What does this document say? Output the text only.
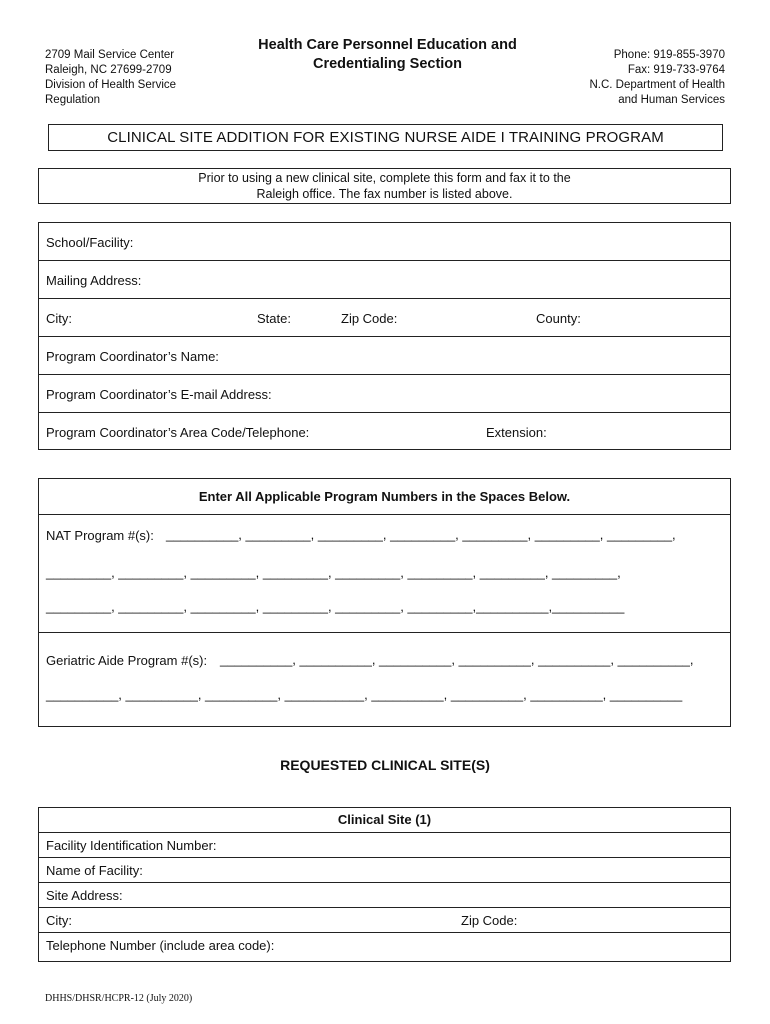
2709 Mail Service Center
Raleigh, NC 27699-2709
Division of Health Service
Regulation
Health Care Personnel Education and
Credentialing Section
Phone: 919-855-3970
Fax: 919-733-9764
N.C. Department of Health
and Human Services
CLINICAL SITE ADDITION FOR EXISTING NURSE AIDE I TRAINING PROGRAM
Prior to using a new clinical site, complete this form and fax it to the
Raleigh office. The fax number is listed above.
School/Facility:
Mailing Address:
City:	State:	Zip Code:	County:
Program Coordinator’s Name:
Program Coordinator’s E-mail Address:
Program Coordinator’s Area Code/Telephone:	Extension:
Enter All Applicable Program Numbers in the Spaces Below.
NAT Program #(s): __________, _________, _________, _________, _________, _________, _________,
_________, _________, _________, _________, _________, _________, _________, _________,
_________, _________, _________, _________, _________, _________,__________,__________
Geriatric Aide Program #(s): __________, __________, __________, __________, __________, __________,
__________, __________, __________, ___________, __________, __________, __________, __________
REQUESTED CLINICAL SITE(S)
Clinical Site (1)
Facility Identification Number:
Name of Facility:
Site Address:
City:	Zip Code:
Telephone Number (include area code):
DHHS/DHSR/HCPR-12 (July 2020)
